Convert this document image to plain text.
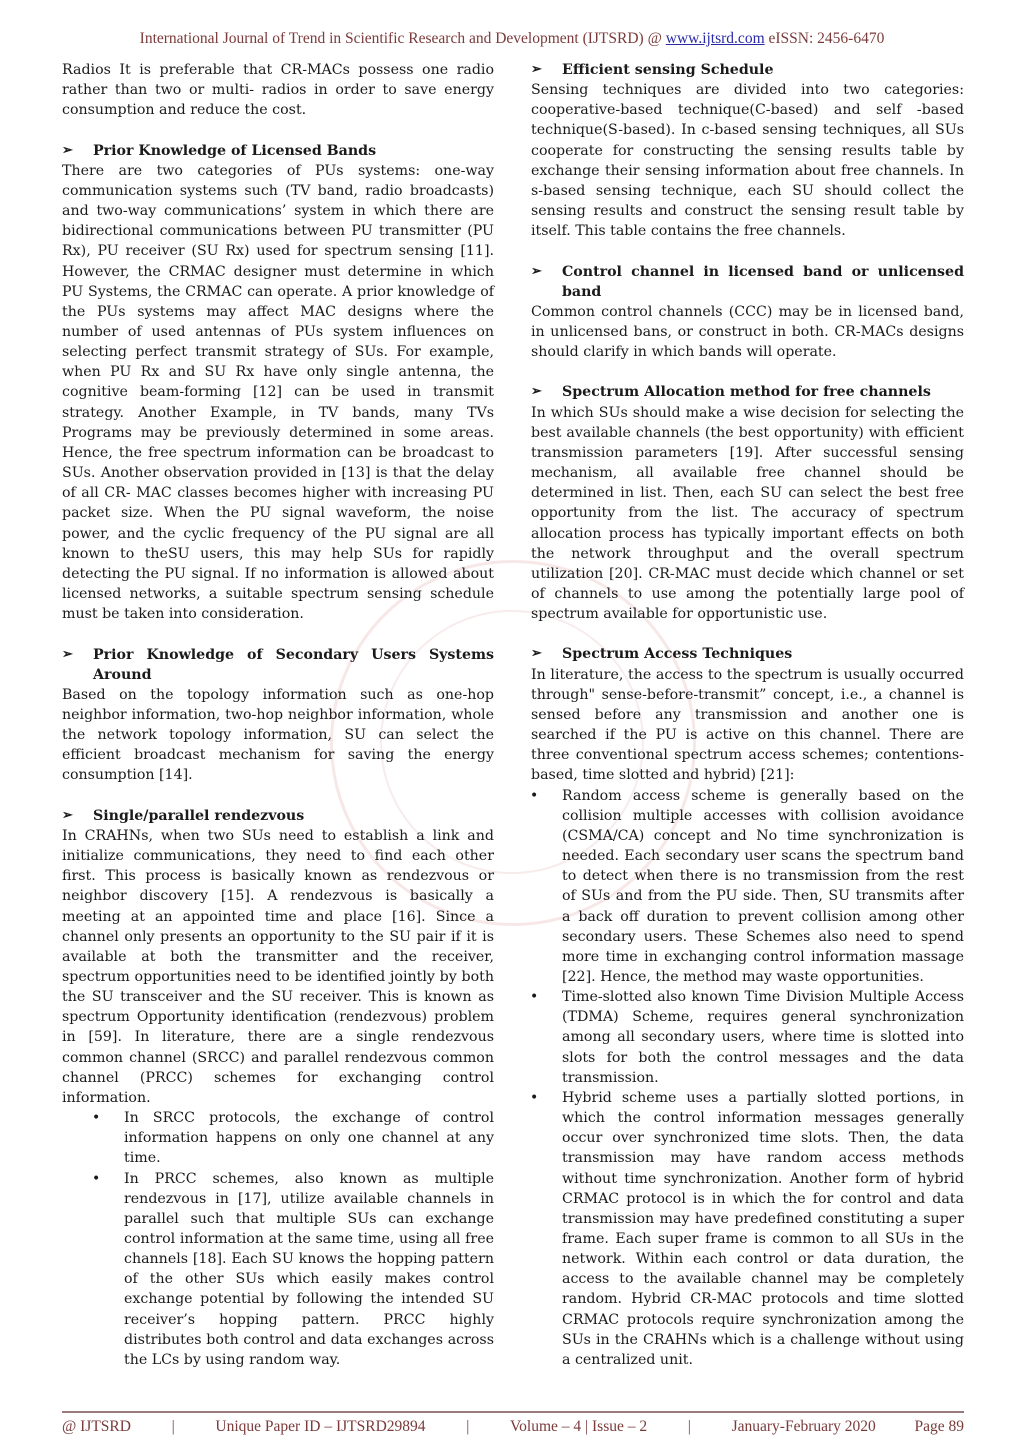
International Journal of Trend in Scientific Research and Development (IJTSRD) @ www.ijtsrd.com eISSN: 2456-6470

Radios It is preferable that CR-MACs possess one radio rather than two or multi- radios in order to save energy consumption and reduce the cost.

➢	Prior Knowledge of Licensed Bands

There are two categories of PUs systems: one-way communication systems such (TV band, radio broadcasts) and two-way communications’ system in which there are bidirectional communications between PU transmitter (PU Rx), PU receiver (SU Rx) used for spectrum sensing [11]. However, the CRMAC designer must determine in which PU Systems, the CRMAC can operate. A prior knowledge of the PUs systems may affect MAC designs where the number of used antennas of PUs system influences on selecting perfect transmit strategy of SUs. For example, when PU Rx and SU Rx have only single antenna, the cognitive beam-forming [12] can be used in transmit strategy. Another Example, in TV bands, many TVs Programs may be previously determined in some areas. Hence, the free spectrum information can be broadcast to SUs. Another observation provided in [13] is that the delay of all CR- MAC classes becomes higher with increasing PU packet size. When the PU signal waveform, the noise power, and the cyclic frequency of the PU signal are all known to theSU users, this may help SUs for rapidly detecting the PU signal. If no information is allowed about licensed networks, a suitable spectrum sensing schedule must be taken into consideration.

➢	Prior Knowledge of Secondary Users Systems Around

Based on the topology information such as one-hop neighbor information, two-hop neighbor information, whole the network topology information, SU can select the efficient broadcast mechanism for saving the energy consumption [14].

➢	Single/parallel rendezvous

In CRAHNs, when two SUs need to establish a link and initialize communications, they need to find each other first. This process is basically known as rendezvous or neighbor discovery [15]. A rendezvous is basically a meeting at an appointed time and place [16]. Since a channel only presents an opportunity to the SU pair if it is available at both the transmitter and the receiver, spectrum opportunities need to be identified jointly by both the SU transceiver and the SU receiver. This is known as spectrum Opportunity identification (rendezvous) problem in [59]. In literature, there are a single rendezvous common channel (SRCC) and parallel rendezvous common channel (PRCC) schemes for exchanging control information.

• In SRCC protocols, the exchange of control information happens on only one channel at any time.
• In PRCC schemes, also known as multiple rendezvous in [17], utilize available channels in parallel such that multiple SUs can exchange control information at the same time, using all free channels [18]. Each SU knows the hopping pattern of the other SUs which easily makes control exchange potential by following the intended SU receiver’s hopping pattern. PRCC highly distributes both control and data exchanges across the LCs by using random way.
➢	Efficient sensing Schedule

Sensing techniques are divided into two categories: cooperative-based technique(C-based) and self -based technique(S-based). In c-based sensing techniques, all SUs cooperate for constructing the sensing results table by exchange their sensing information about free channels. In s-based sensing technique, each SU should collect the sensing results and construct the sensing result table by itself. This table contains the free channels.

➢	Control channel in licensed band or unlicensed band

Common control channels (CCC) may be in licensed band, in unlicensed bans, or construct in both. CR-MACs designs should clarify in which bands will operate.

➢	Spectrum Allocation method for free channels

In which SUs should make a wise decision for selecting the best available channels (the best opportunity) with efficient transmission parameters [19]. After successful sensing mechanism, all available free channel should be determined in list. Then, each SU can select the best free opportunity from the list. The accuracy of spectrum allocation process has typically important effects on both the network throughput and the overall spectrum utilization [20]. CR-MAC must decide which channel or set of channels to use among the potentially large pool of spectrum available for opportunistic use.

➢	Spectrum Access Techniques

In literature, the access to the spectrum is usually occurred through" sense-before-transmit” concept, i.e., a channel is sensed before any transmission and another one is searched if the PU is active on this channel. There are three conventional spectrum access schemes; contentions-based, time slotted and hybrid) [21]:

• Random access scheme is generally based on the collision multiple accesses with collision avoidance (CSMA/CA) concept and No time synchronization is needed. Each secondary user scans the spectrum band to detect when there is no transmission from the rest of SUs and from the PU side. Then, SU transmits after a back off duration to prevent collision among other secondary users. These Schemes also need to spend more time in exchanging control information massage [22]. Hence, the method may waste opportunities.
• Time-slotted also known Time Division Multiple Access (TDMA) Scheme, requires general synchronization among all secondary users, where time is slotted into slots for both the control messages and the data transmission.
• Hybrid scheme uses a partially slotted portions, in which the control information messages generally occur over synchronized time slots. Then, the data transmission may have random access methods without time synchronization. Another form of hybrid CRMAC protocol is in which the for control and data transmission may have predefined constituting a super frame. Each super frame is common to all SUs in the network. Within each control or data duration, the access to the available channel may be completely random. Hybrid CR-MAC protocols and time slotted CRMAC protocols require synchronization among the SUs in the CRAHNs which is a challenge without using a centralized unit.
@ IJTSRD	|	Unique Paper ID – IJTSRD29894	|	Volume – 4 | Issue – 2	|	January-February 2020 Page 89
